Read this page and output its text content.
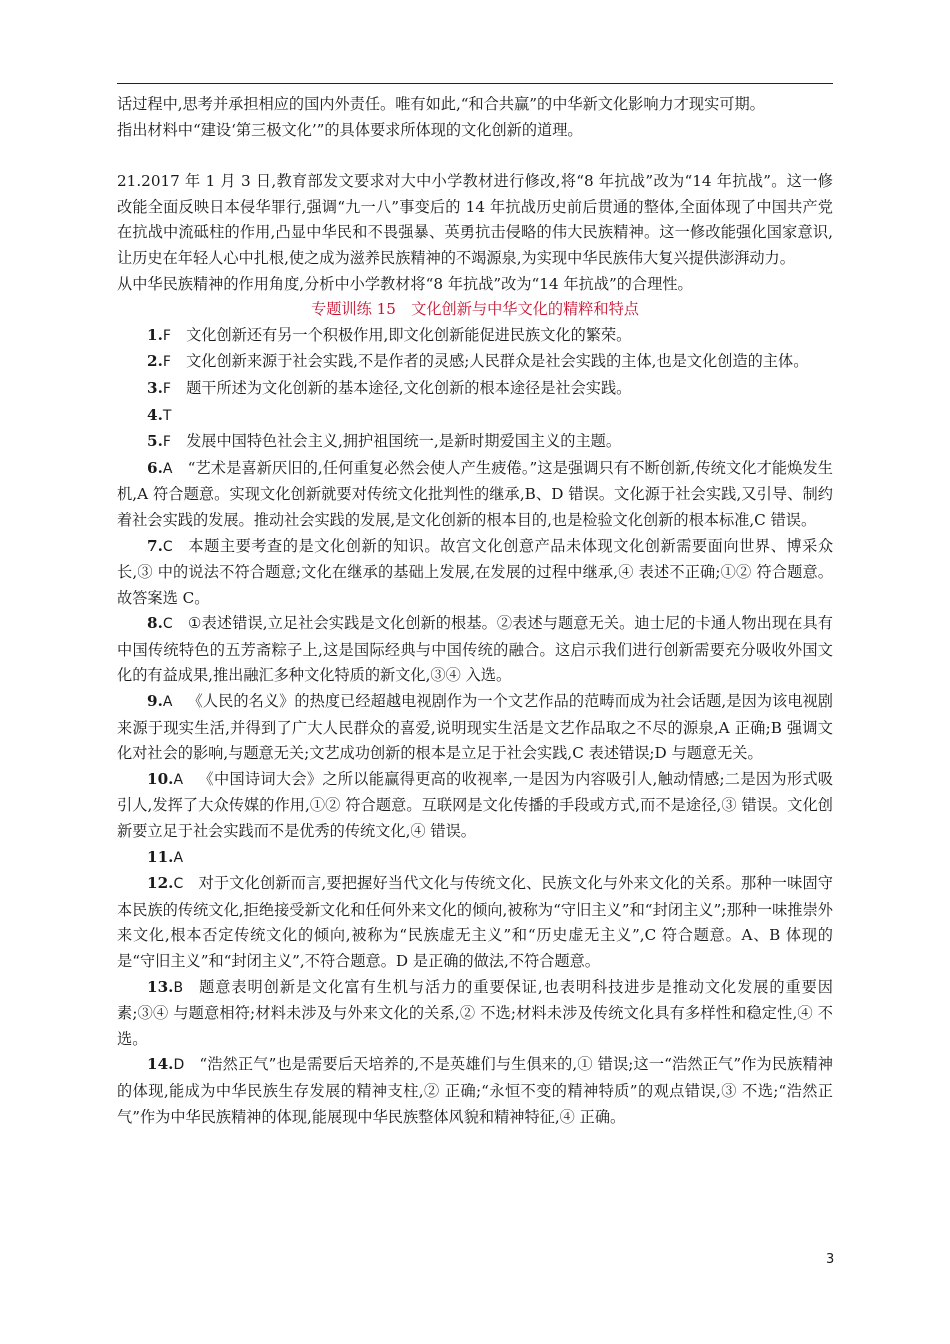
话过程中,思考并承担相应的国内外责任。唯有如此,“和合共赢”的中华新文化影响力才现实可期。

指出材料中“建设‘第三极文化’”的具体要求所体现的文化创新的道理。

21.2017 年 1 月 3 日,教育部发文要求对大中小学教材进行修改,将“8 年抗战”改为“14 年抗战”。这一修改能全面反映日本侵华罪行,强调“九一八”事变后的 14 年抗战历史前后贯通的整体,全面体现了中国共产党在抗战中流砥柱的作用,凸显中华民和不畏强暴、英勇抗击侵略的伟大民族精神。这一修改能强化国家意识,让历史在年轻人心中扎根,使之成为滋养民族精神的不竭源泉,为实现中华民族伟大复兴提供澎湃动力。

从中华民族精神的作用角度,分析中小学教材将“8 年抗战”改为“14 年抗战”的合理性。

专题训练 15　文化创新与中华文化的精粹和特点

1.F  文化创新还有另一个积极作用,即文化创新能促进民族文化的繁荣。

2.F  文化创新来源于社会实践,不是作者的灵感;人民群众是社会实践的主体,也是文化创造的主体。

3.F  题干所述为文化创新的基本途径,文化创新的根本途径是社会实践。

4.T

5.F  发展中国特色社会主义,拥护祖国统一,是新时期爱国主义的主题。

6.A  “艺术是喜新厌旧的,任何重复必然会使人产生疲倦。”这是强调只有不断创新,传统文化才能焕发生机,A 符合题意。实现文化创新就要对传统文化批判性的继承,B、D 错误。文化源于社会实践,又引导、制约着社会实践的发展。推动社会实践的发展,是文化创新的根本目的,也是检验文化创新的根本标准,C 错误。

7.C  本题主要考查的是文化创新的知识。故宫文化创意产品未体现文化创新需要面向世界、博采众长,③ 中的说法不符合题意;文化在继承的基础上发展,在发展的过程中继承,④ 表述不正确;①② 符合题意。故答案选 C。

8.C  ①表述错误,立足社会实践是文化创新的根基。②表述与题意无关。迪士尼的卡通人物出现在具有中国传统特色的五芳斋粽子上,这是国际经典与中国传统的融合。这启示我们进行创新需要充分吸收外国文化的有益成果,推出融汇多种文化特质的新文化,③④ 入选。

9.A  《人民的名义》的热度已经超越电视剧作为一个文艺作品的范畴而成为社会话题,是因为该电视剧来源于现实生活,并得到了广大人民群众的喜爱,说明现实生活是文艺作品取之不尽的源泉,A 正确;B 强调文化对社会的影响,与题意无关;文艺成功创新的根本是立足于社会实践,C 表述错误;D 与题意无关。

10.A  《中国诗词大会》之所以能赢得更高的收视率,一是因为内容吸引人,触动情感;二是因为形式吸引人,发挥了大众传媒的作用,①② 符合题意。互联网是文化传播的手段或方式,而不是途径,③ 错误。文化创新要立足于社会实践而不是优秀的传统文化,④ 错误。

11.A

12.C  对于文化创新而言,要把握好当代文化与传统文化、民族文化与外来文化的关系。那种一味固守本民族的传统文化,拒绝接受新文化和任何外来文化的倾向,被称为“守旧主义”和“封闭主义”;那种一味推崇外来文化,根本否定传统文化的倾向,被称为“民族虚无主义”和“历史虚无主义”,C 符合题意。A、B 体现的是“守旧主义”和“封闭主义”,不符合题意。D 是正确的做法,不符合题意。

13.B  题意表明创新是文化富有生机与活力的重要保证,也表明科技进步是推动文化发展的重要因素;③④ 与题意相符;材料未涉及与外来文化的关系,② 不选;材料未涉及传统文化具有多样性和稳定性,④ 不选。

14.D  “浩然正气”也是需要后天培养的,不是英雄们与生俱来的,① 错误;这一“浩然正气”作为民族精神的体现,能成为中华民族生存发展的精神支柱,② 正确;“永恒不变的精神特质”的观点错误,③ 不选;“浩然正气”作为中华民族精神的体现,能展现中华民族整体风貌和精神特征,④ 正确。

3
